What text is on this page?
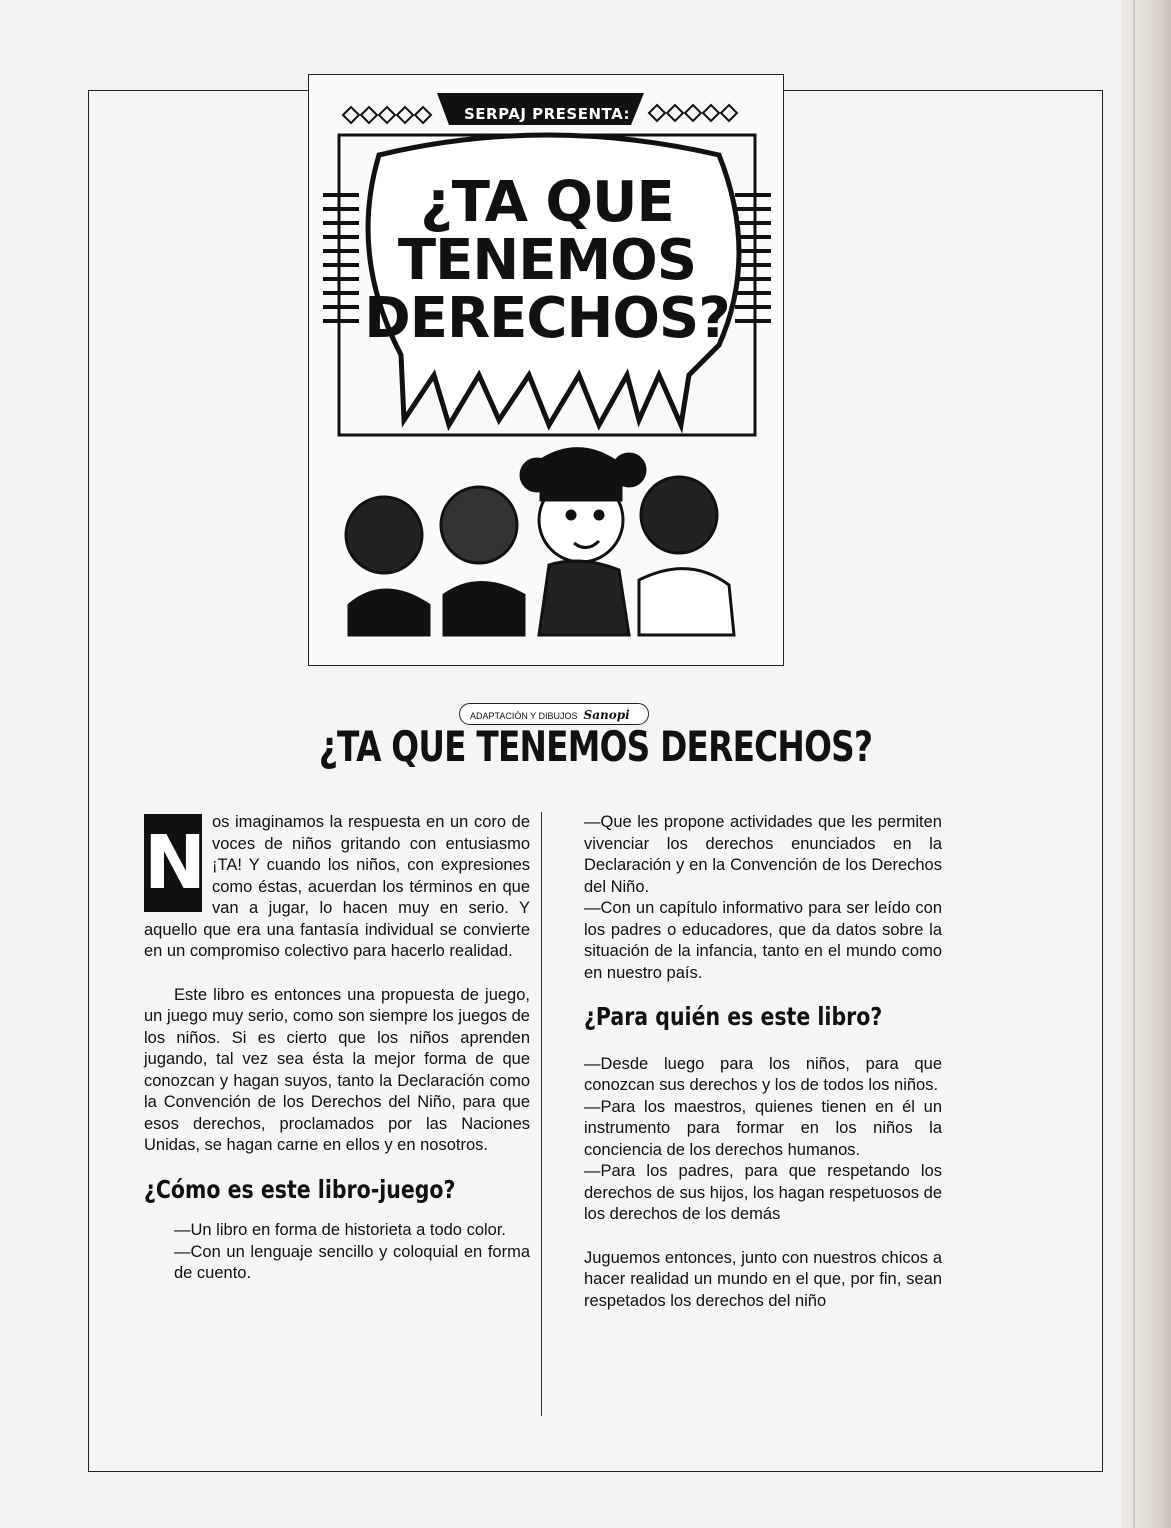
SERPAJ PRESENTA:
¿TA QUE
TENEMOS
DERECHOS?
ADAPTACIÓN Y DIBUJOS Sanopi
¿TA QUE TENEMOS DERECHOS?

N os imaginamos la respuesta en un coro de voces de niños gritando con entusiasmo ¡TA! Y cuando los niños, con expresiones como éstas, acuerdan los términos en que van a jugar, lo hacen muy en serio. Y aquello que era una fantasía individual se convierte en un compromiso colectivo para hacerlo realidad.

Este libro es entonces una propuesta de juego, un juego muy serio, como son siempre los juegos de los niños. Si es cierto que los niños aprenden jugando, tal vez sea ésta la mejor forma de que conozcan y hagan suyos, tanto la Declaración como la Convención de los Derechos del Niño, para que esos derechos, proclamados por las Naciones Unidas, se hagan carne en ellos y en nosotros.

¿Cómo es este libro-juego?

—Un libro en forma de historieta a todo color.

—Con un lenguaje sencillo y coloquial en forma de cuento.

—Que les propone actividades que les permiten vivenciar los derechos enunciados en la Declaración y en la Convención de los Derechos del Niño.

—Con un capítulo informativo para ser leído con los padres o educadores, que da datos sobre la situación de la infancia, tanto en el mundo como en nuestro país.

¿Para quién es este libro?

—Desde luego para los niños, para que conozcan sus derechos y los de todos los niños.

—Para los maestros, quienes tienen en él un instrumento para formar en los niños la conciencia de los derechos humanos.

—Para los padres, para que respetando los derechos de sus hijos, los hagan respetuosos de los derechos de los demás

Juguemos entonces, junto con nuestros chicos a hacer realidad un mundo en el que, por fin, sean respetados los derechos del niño
